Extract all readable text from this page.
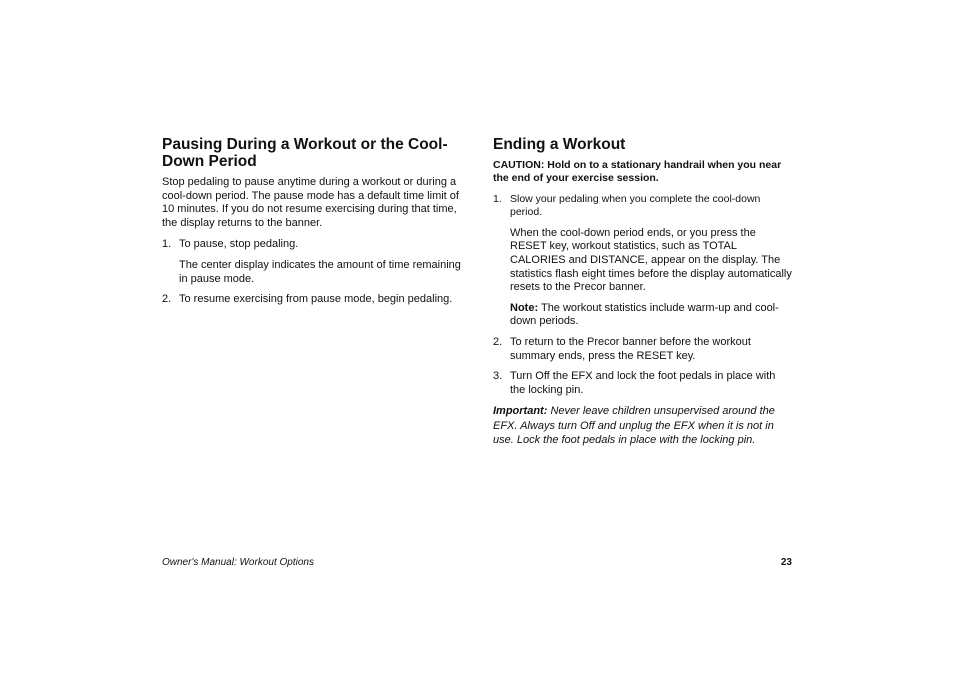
Pausing During a Workout or the Cool-Down Period

Stop pedaling to pause anytime during a workout or during a cool-down period. The pause mode has a default time limit of 10 minutes. If you do not resume exercising during that time, the display returns to the banner.

1. To pause, stop pedaling.
The center display indicates the amount of time remaining in pause mode.
2. To resume exercising from pause mode, begin pedaling.
Ending a Workout

CAUTION: Hold on to a stationary handrail when you near the end of your exercise session.

1. Slow your pedaling when you complete the cool-down period.
When the cool-down period ends, or you press the RESET key, workout statistics, such as TOTAL CALORIES and DISTANCE, appear on the display. The statistics flash eight times before the display automatically resets to the Precor banner.
Note: The workout statistics include warm-up and cool-down periods.
2. To return to the Precor banner before the workout summary ends, press the RESET key.
3. Turn Off the EFX and lock the foot pedals in place with the locking pin.

Important: Never leave children unsupervised around the EFX. Always turn Off and unplug the EFX when it is not in use. Lock the foot pedals in place with the locking pin.

Owner's Manual: Workout Options	23
